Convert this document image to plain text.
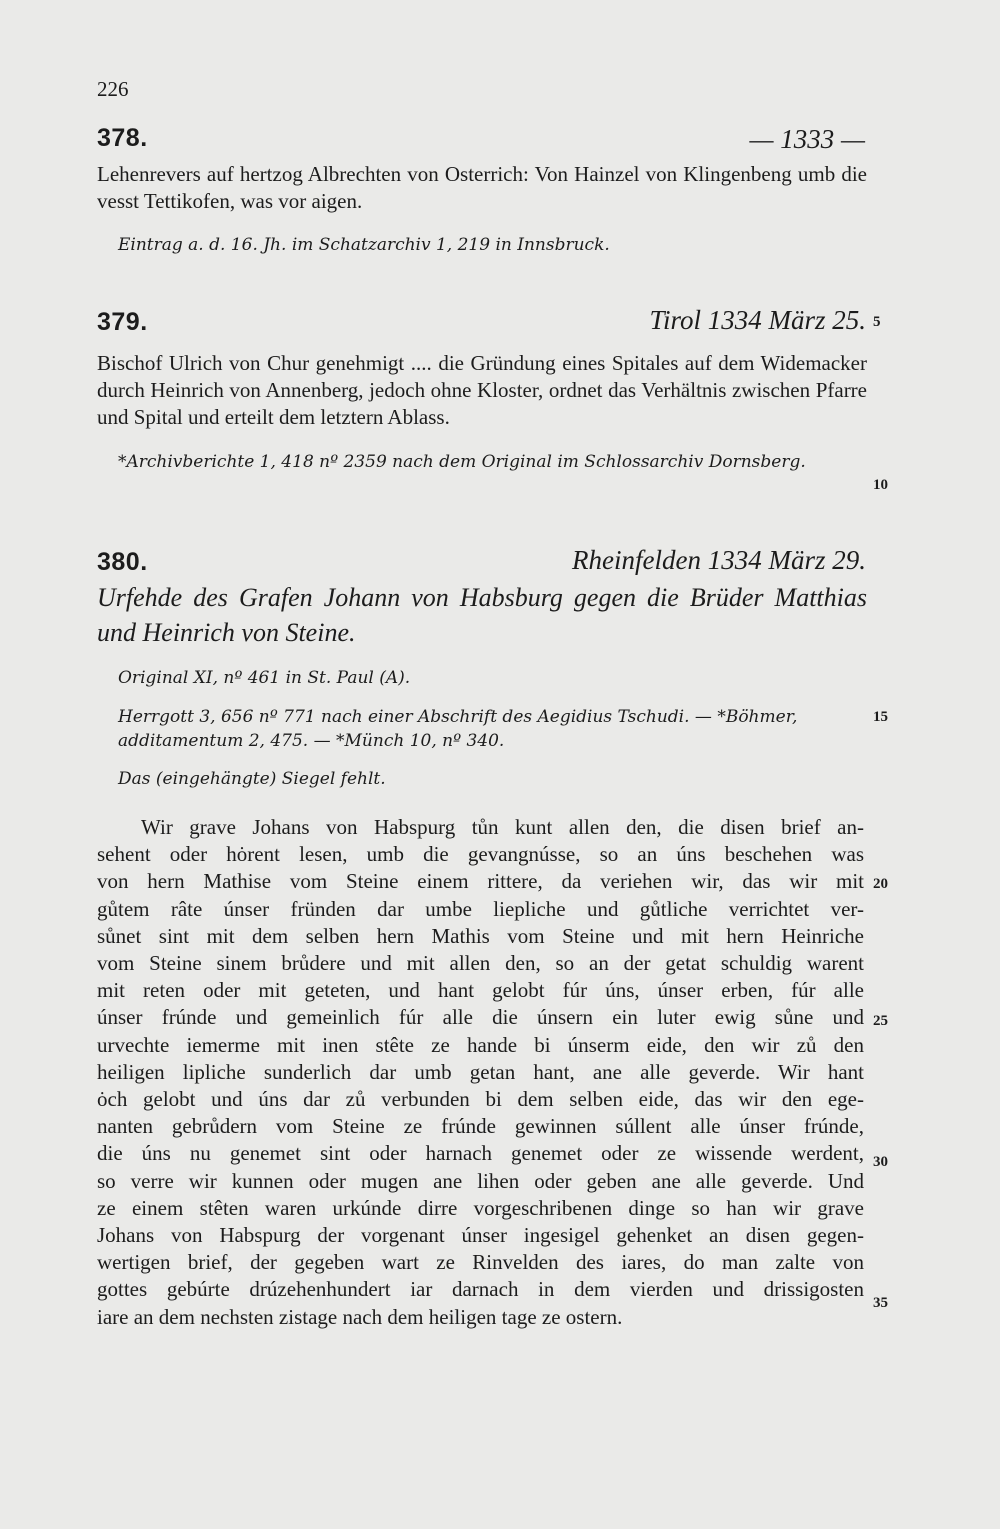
226
378.	— 1333 —
Lehenrevers auf hertzog Albrechten von Osterrich: Von Hainzel von Klingenbeng umb die vesst Tettikofen, was vor aigen.
Eintrag a. d. 16. Jh. im Schatzarchiv 1, 219 in Innsbruck.
379.	Tirol 1334 März 25. 5
Bischof Ulrich von Chur genehmigt .... die Gründung eines Spitales auf dem Widemacker durch Heinrich von Annenberg, jedoch ohne Kloster, ordnet das Verhältnis zwischen Pfarre und Spital und erteilt dem letztern Ablass.
*Archivberichte 1, 418 nº 2359 nach dem Original im Schlossarchiv Dornsberg.
10
380.	Rheinfelden 1334 März 29.
Urfehde des Grafen Johann von Habsburg gegen die Brüder Matthias und Heinrich von Steine.
Original XI, nº 461 in St. Paul (A).
Herrgott 3, 656 nº 771 nach einer Abschrift des Aegidius Tschudi. — *Böhmer, additamentum 2, 475. — *Münch 10, nº 340.
15
Das (eingehängte) Siegel fehlt.
Wir grave Johans von Habspurg tůn kunt allen den, die disen brief an-
sehent oder hȯrent lesen, umb die gevangnússe, so an úns beschehen was
von hern Mathise vom Steine einem rittere, da veriehen wir, das wir mit
gůtem râte únser fründen dar umbe liepliche und gůtliche verrichtet ver-
sůnet sint mit dem selben hern Mathis vom Steine und mit hern Heinriche
vom Steine sinem brůdere und mit allen den, so an der getat schuldig warent
mit reten oder mit geteten, und hant gelobt fúr úns, únser erben, fúr alle
únser frúnde und gemeinlich fúr alle die únsern ein luter ewig sůne und
urvechte iemerme mit inen stête ze hande bi únserm eide, den wir zů den
heiligen lipliche sunderlich dar umb getan hant, ane alle geverde. Wir hant
ȯch gelobt und úns dar zů verbunden bi dem selben eide, das wir den ege-
nanten gebrůdern vom Steine ze frúnde gewinnen súllent alle únser frúnde,
die úns nu genemet sint oder harnach genemet oder ze wissende werdent,
so verre wir kunnen oder mugen ane lihen oder geben ane alle geverde. Und
ze einem stêten waren urkúnde dirre vorgeschribenen dinge so han wir grave
Johans von Habspurg der vorgenant únser ingesigel gehenket an disen gegen-
wertigen brief, der gegeben wart ze Rinvelden des iares, do man zalte von
gottes gebúrte drúzehenhundert iar darnach in dem vierden und drissigosten
iare an dem nechsten zistage nach dem heiligen tage ze ostern.
20
25
30
35
